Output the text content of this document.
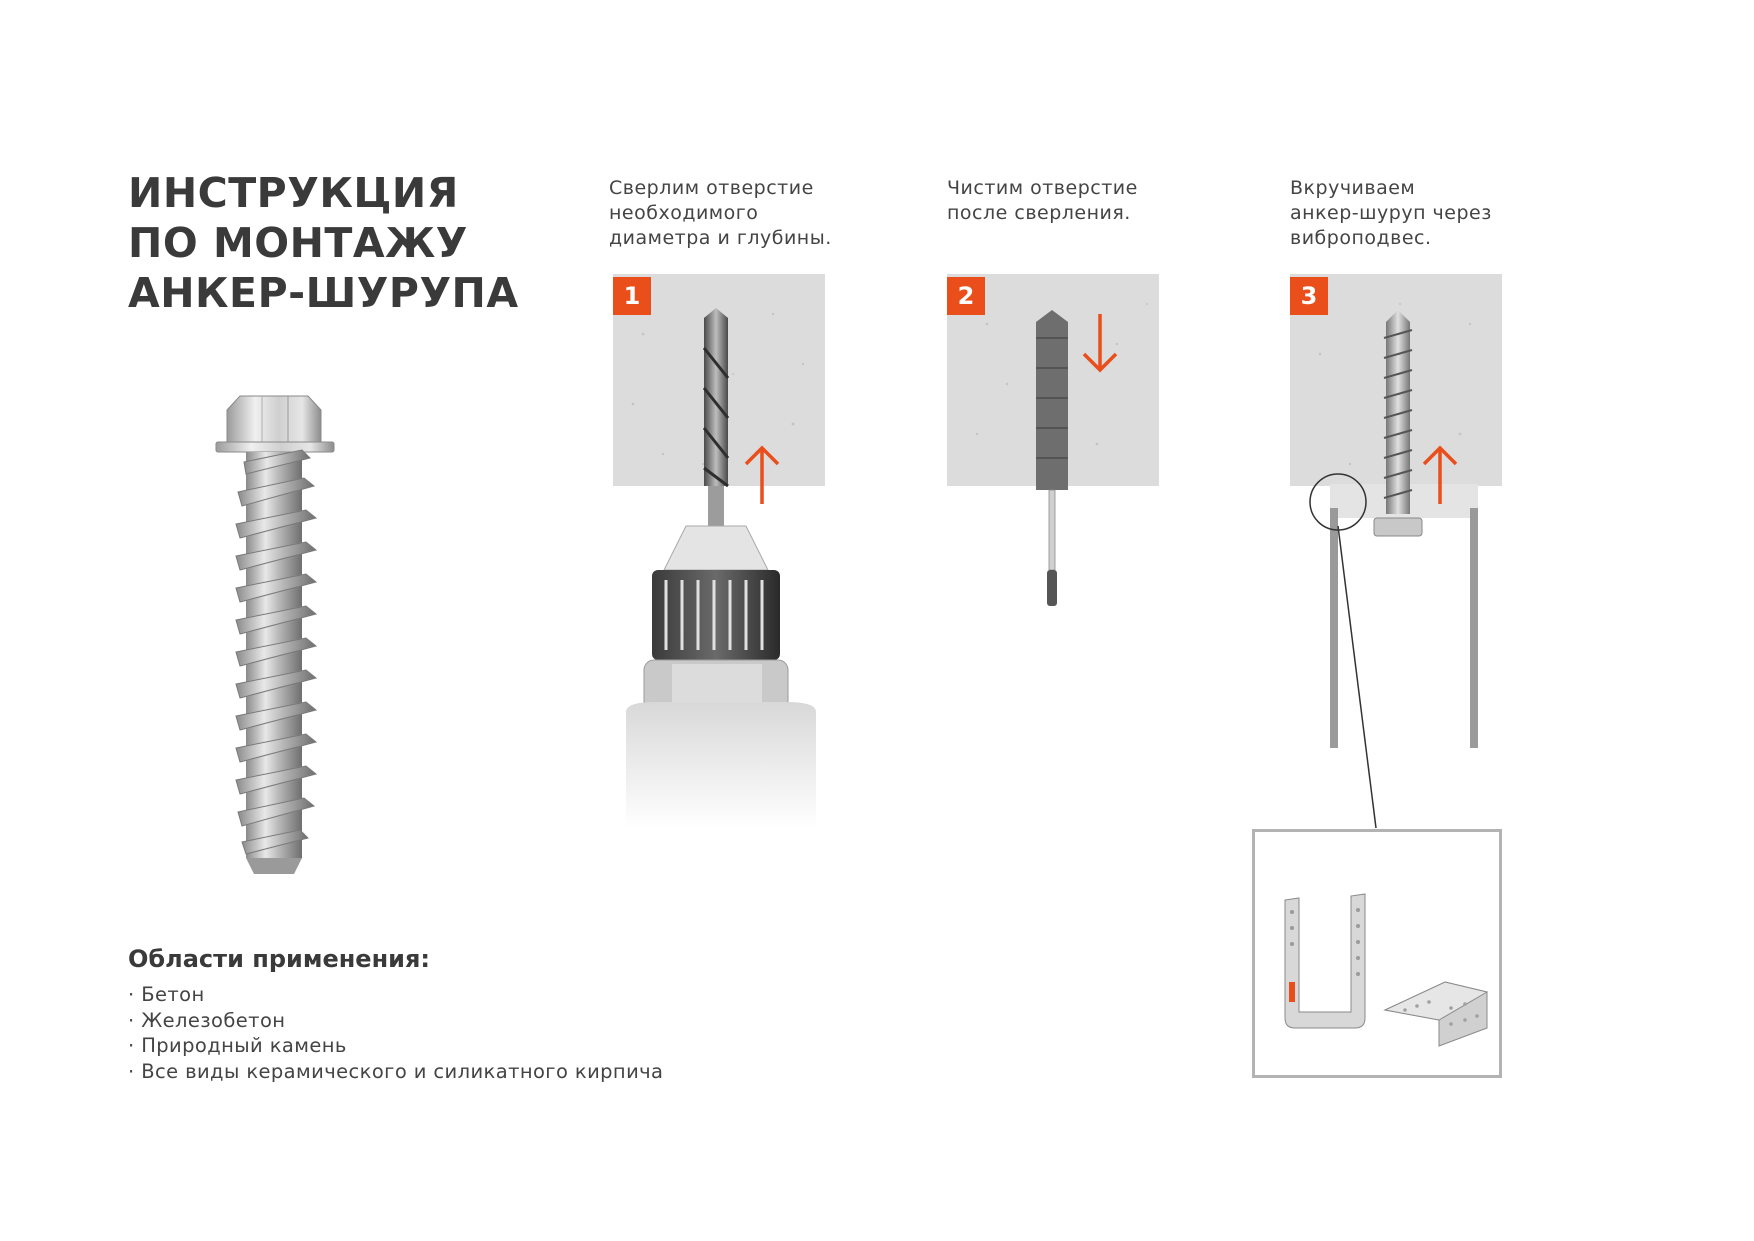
ИНСТРУКЦИЯ
ПО МОНТАЖУ
АНКЕР-ШУРУПА
Сверлим отверстие
необходимого
диаметра и глубины.
Чистим отверстие
после сверления.
Вкручиваем
анкер-шуруп через
виброподвес.
1	2	3
Области применения:
· Бетон
· Железобетон
· Природный камень
· Все виды керамического и силикатного кирпича
